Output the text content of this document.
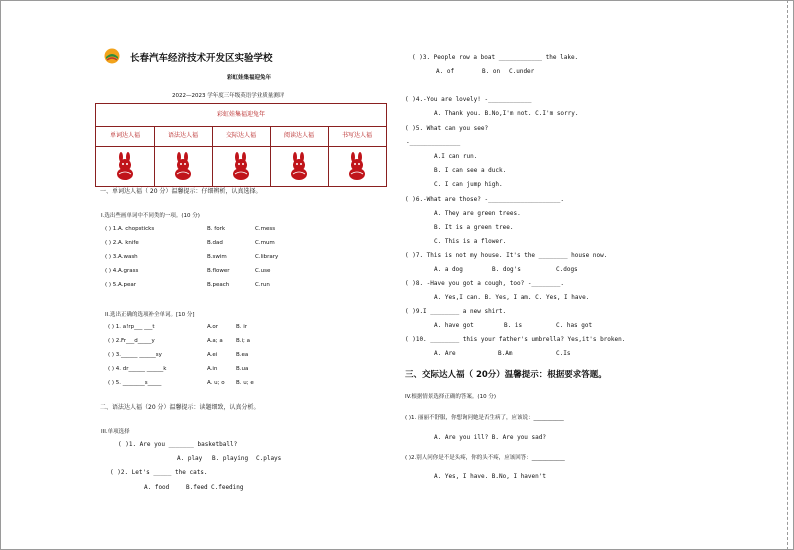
长春汽车经济技术开发区实验学校
彩虹娃集福迎兔年
2022—2023 学年度三年级英语学业质量测评
彩虹娃集福迎兔年
单词达人福	语法达人福	交际达人福	阅读达人福	书写达人福
一、单词达人福（ 20 分）温馨提示：仔细辨析，认真选择。
I.选出些画单词中不同类的一项。(10 分)
( ) 1.A. chopsticks	B. fork	C.mess
( ) 2.A. knife	B.dad	C.mum
( ) 3.A.wash	B.swim	C.library
( ) 4.A.grass	B.flower	C.use
( ) 5.A.pear	B.peach	C.run
II.选出正确的选项补全单词。[10 分]
( ) 1. a!rp___ ___t	A.or	B. ir
( ) 2.Fr___d_____y	A.a; a B.i; a
( ) 3.______ ______sy	A.ei	B.ea
( ) 4. dr______ ______k	A.in	B.ua
( ) 5. ________s_____	A. u; o B. u; e
二、语法达人福（20 分）温馨提示：读题细致，认真分析。
III.单项选择
( )1. Are you _______ basketball?
A. play B. playing C.plays
( )2. Let's _____ the cats.
A. food	B.feed C.feeding
( )3. People row a boat ____________ the lake.
A. of	B. on C.under
( )4.-You are lovely! -____________
A. Thank you. B.No,I'm not. C.I'm sorry.
( )5. What can you see?
-______________
A.I can run.
B. I can see a duck.
C. I can jump high.
( )6.-What are those? -____________________.
A. They are green trees.
B. It is a green tree.
C. This is a flower.
( )7. This is not my house. It's the ________ house now.
A. a dog	B. dog's	C.dogs
( )8. -Have you got a cough, too? -________.
A. Yes,I can. B. Yes, I am. C. Yes, I have.
( )9.I ________ a new shirt.
A. have got	B. is	C. has got
( )10. ________ this your father's umbrella? Yes,it's broken.
A. Are	B.Am	C.Is
三、交际达人福（ 20分）温馨提示：根据要求答题。
IV.根据情景选择正确的答案。(10 分)
( )1. 丽丽不舒服，你想询问她是否生病了，应该说：___________
A. Are you ill? B. Are you sad?
( )2.别人问你是不是头疼，你的头不疼，应该回答：____________
A. Yes, I have. B.No, I haven't
